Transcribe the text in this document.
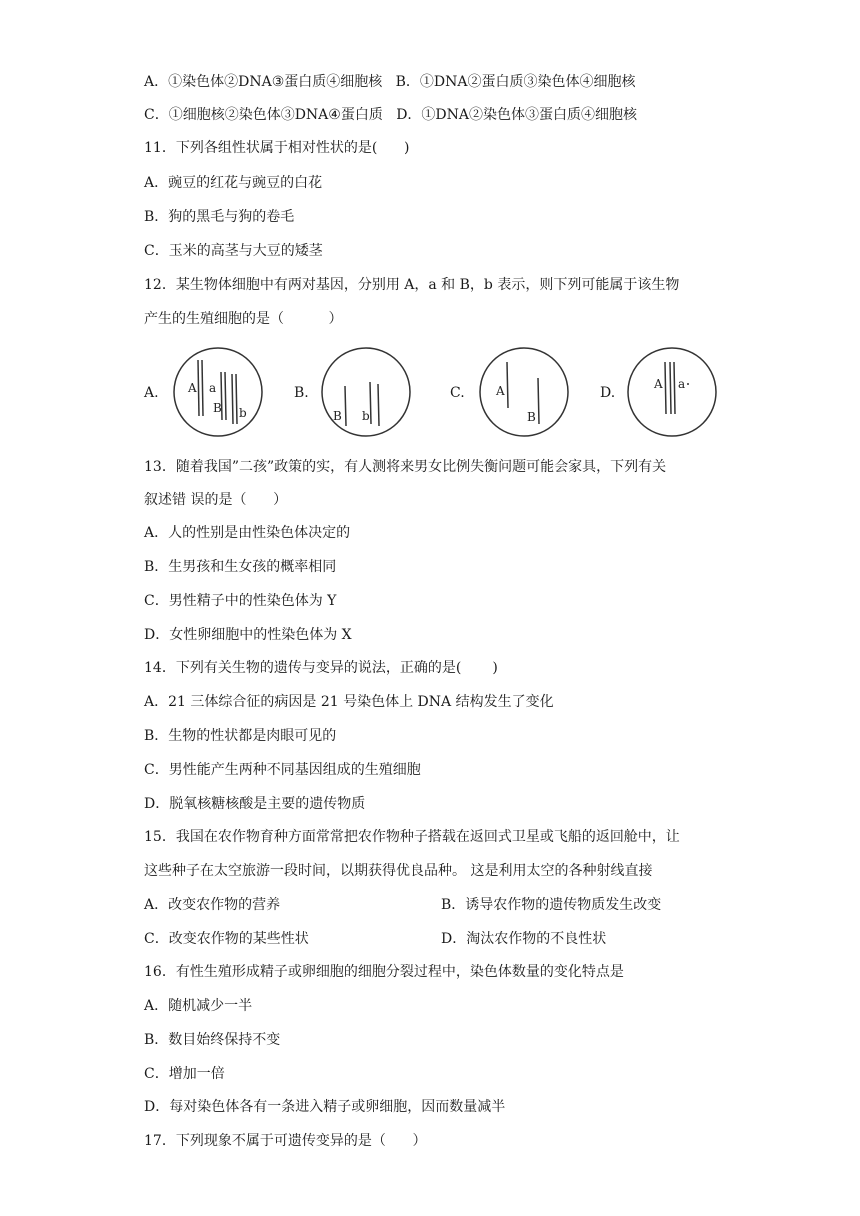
A．①染色体②DNA③蛋白质④细胞核   B．①DNA②蛋白质③染色体④细胞核
C．①细胞核②染色体③DNA④蛋白质   D．①DNA②染色体③蛋白质④细胞核
11．下列各组性状属于相对性状的是(      )
A．豌豆的红花与豌豆的白花
B．狗的黑毛与狗的卷毛
C．玉米的高茎与大豆的矮茎
12．某生物体细胞中有两对基因，分别用 A，a 和 B，b 表示，则下列可能属于该生物
产生的生殖细胞的是（          ）
A. A a
B b
B.
B b
C.	A
B
D.
A a
13．随着我国”二孩”政策的实，有人测将来男女比例失衡问题可能会家具，下列有关
叙述错 误的是（      ）
A．人的性别是由性染色体决定的
B．生男孩和生女孩的概率相同
C．男性精子中的性染色体为 Y
D．女性卵细胞中的性染色体为 X
14．下列有关生物的遗传与变异的说法，正确的是(       )
A．21 三体综合征的病因是 21 号染色体上 DNA 结构发生了变化
B．生物的性状都是肉眼可见的
C．男性能产生两种不同基因组成的生殖细胞
D．脱氧核糖核酸是主要的遗传物质
15．我国在农作物育种方面常常把农作物种子搭载在返回式卫星或飞船的返回舱中，让
这些种子在太空旅游一段时间，以期获得优良品种。 这是利用太空的各种射线直接
A．改变农作物的营养	B．诱导农作物的遗传物质发生改变
C．改变农作物的某些性状	D．淘汰农作物的不良性状
16．有性生殖形成精子或卵细胞的细胞分裂过程中，染色体数量的变化特点是
A．随机减少一半
B．数目始终保持不变
C．增加一倍
D．每对染色体各有一条进入精子或卵细胞，因而数量减半
17．下列现象不属于可遗传变异的是（      ）
